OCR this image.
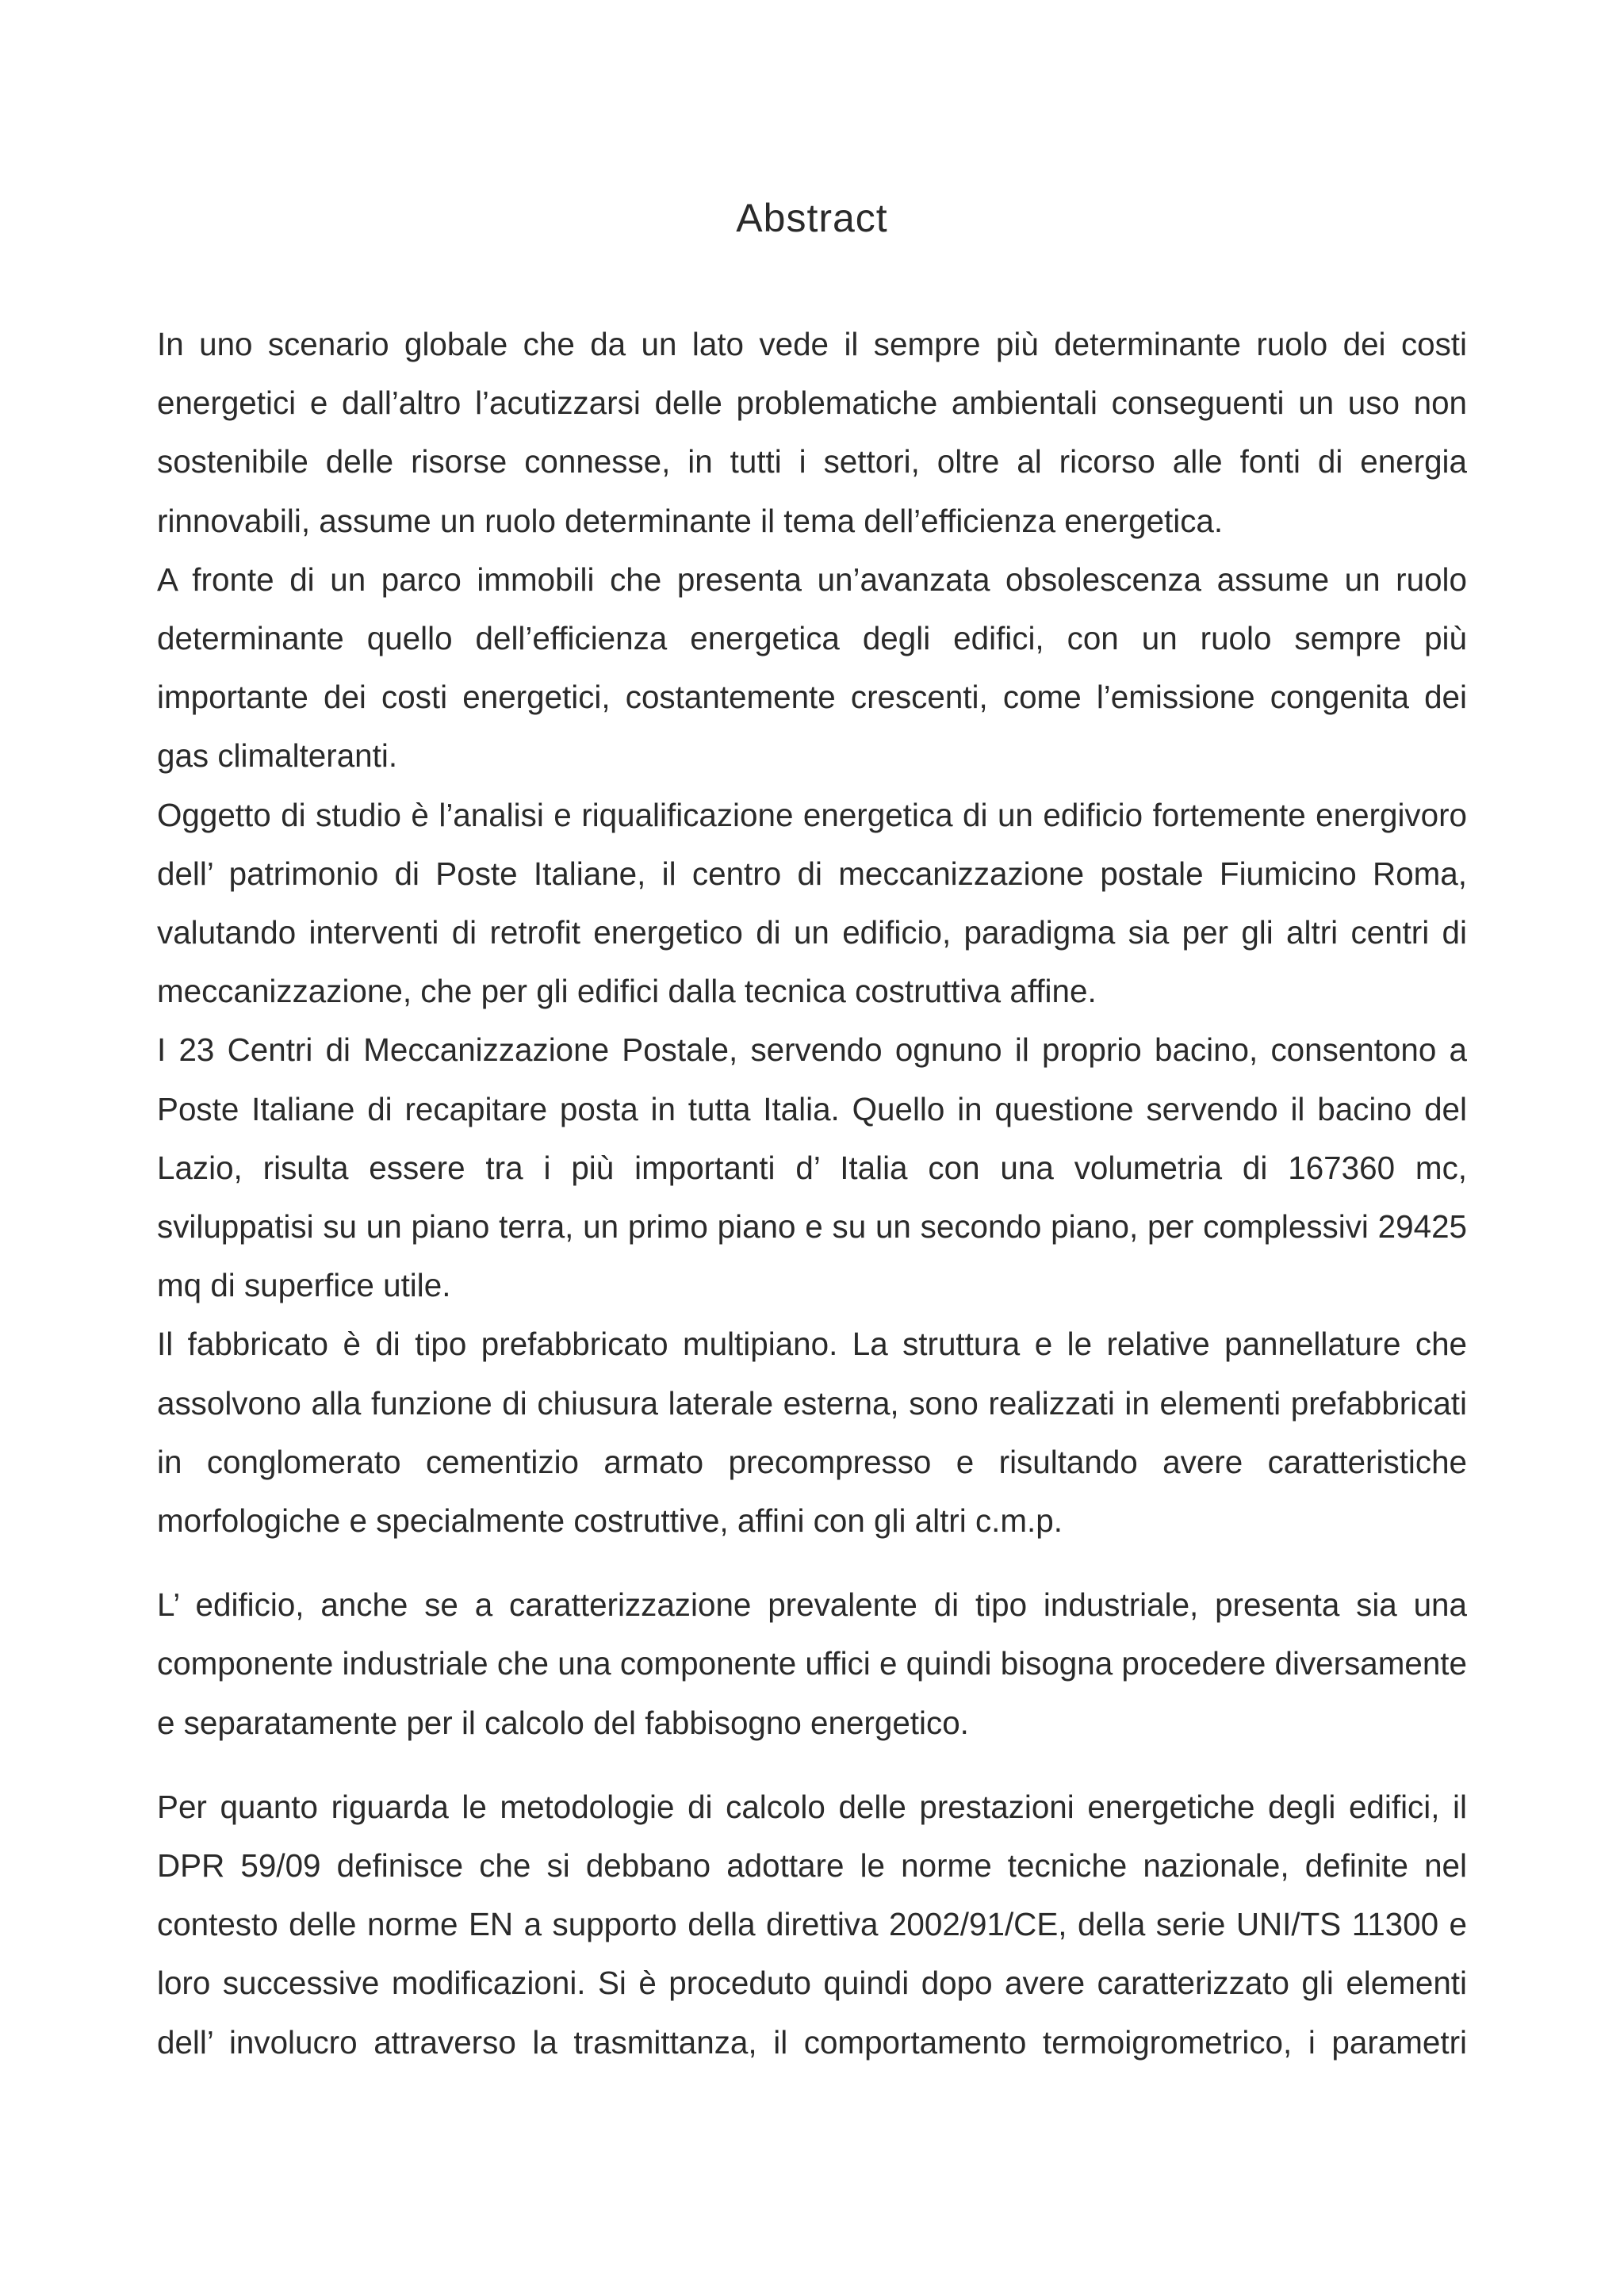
Abstract

In uno scenario globale che da un lato vede il sempre più determinante ruolo dei costi energetici e dall’altro l’acutizzarsi delle problematiche ambientali conseguenti un uso non sostenibile delle risorse connesse, in tutti i settori, oltre al ricorso alle fonti di energia rinnovabili, assume un ruolo determinante il tema dell’efficienza energetica.

A fronte di un parco immobili che presenta un’avanzata obsolescenza assume un ruolo determinante quello dell’efficienza energetica degli edifici, con un ruolo sempre più importante dei costi energetici, costantemente crescenti, come l’emissione congenita dei gas climalteranti.

Oggetto di studio è l’analisi e riqualificazione energetica di un edificio fortemente energivoro dell’ patrimonio di Poste Italiane, il centro di meccanizzazione postale Fiumicino Roma, valutando interventi di retrofit energetico di un edificio, paradigma sia per gli altri centri di meccanizzazione, che per gli edifici dalla tecnica costruttiva affine.

I 23 Centri di Meccanizzazione Postale, servendo ognuno il proprio bacino, consentono a Poste Italiane di recapitare posta in tutta Italia. Quello in questione servendo il bacino del Lazio, risulta essere tra i più importanti d’ Italia con una volumetria di 167360 mc, sviluppatisi su un piano terra, un primo piano e su un secondo piano, per complessivi 29425 mq di superfice utile.

Il fabbricato è di tipo prefabbricato multipiano. La struttura e le relative pannellature che assolvono alla funzione di chiusura laterale esterna, sono realizzati in elementi prefabbricati in conglomerato cementizio armato precompresso e risultando avere caratteristiche morfologiche e specialmente costruttive, affini con gli altri c.m.p.

L’ edificio, anche se a caratterizzazione prevalente di tipo industriale, presenta sia una componente industriale che una componente uffici e quindi bisogna procedere diversamente e separatamente per il calcolo del fabbisogno energetico.

Per quanto riguarda le metodologie di calcolo delle prestazioni energetiche degli edifici, il DPR 59/09 definisce che si debbano adottare le norme tecniche nazionale, definite nel contesto delle norme EN a supporto della direttiva 2002/91/CE, della serie UNI/TS 11300 e loro successive modificazioni. Si è proceduto quindi dopo avere caratterizzato gli elementi dell’ involucro attraverso la trasmittanza, il comportamento termoigrometrico, i parametri
